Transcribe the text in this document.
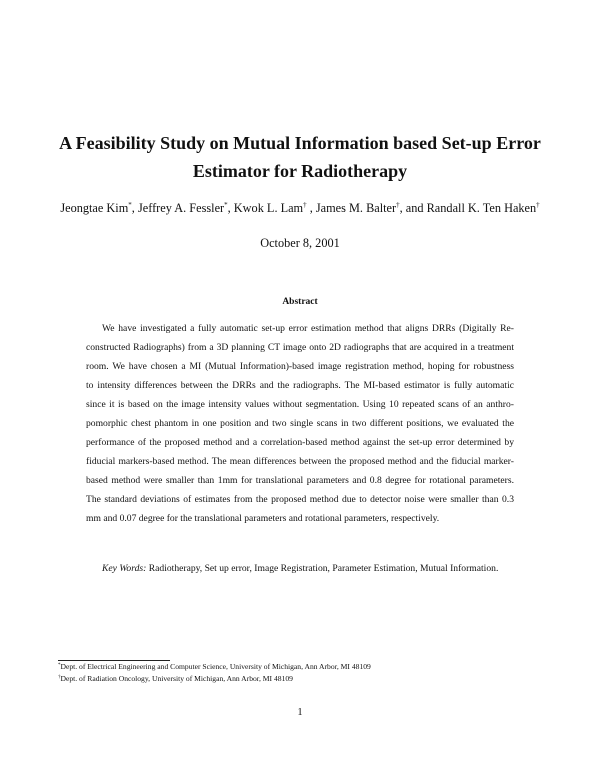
A Feasibility Study on Mutual Information based Set-up Error
Estimator for Radiotherapy
Jeongtae Kim*, Jeffrey A. Fessler*, Kwok L. Lam† , James M. Balter†, and Randall K. Ten Haken†
October 8, 2001
Abstract
We have investigated a fully automatic set-up error estimation method that aligns DRRs (Digitally Re-
constructed Radiographs) from a 3D planning CT image onto 2D radiographs that are acquired in a treatment
room. We have chosen a MI (Mutual Information)-based image registration method, hoping for robustness
to intensity differences between the DRRs and the radiographs. The MI-based estimator is fully automatic
since it is based on the image intensity values without segmentation. Using 10 repeated scans of an anthro-
pomorphic chest phantom in one position and two single scans in two different positions, we evaluated the
performance of the proposed method and a correlation-based method against the set-up error determined by
fiducial markers-based method. The mean differences between the proposed method and the fiducial marker-
based method were smaller than 1mm for translational parameters and 0.8 degree for rotational parameters.
The standard deviations of estimates from the proposed method due to detector noise were smaller than 0.3
mm and 0.07 degree for the translational parameters and rotational parameters, respectively.
Key Words: Radiotherapy, Set up error, Image Registration, Parameter Estimation, Mutual Information.
*Dept. of Electrical Engineering and Computer Science, University of Michigan, Ann Arbor, MI 48109
†Dept. of Radiation Oncology, University of Michigan, Ann Arbor, MI 48109
1
